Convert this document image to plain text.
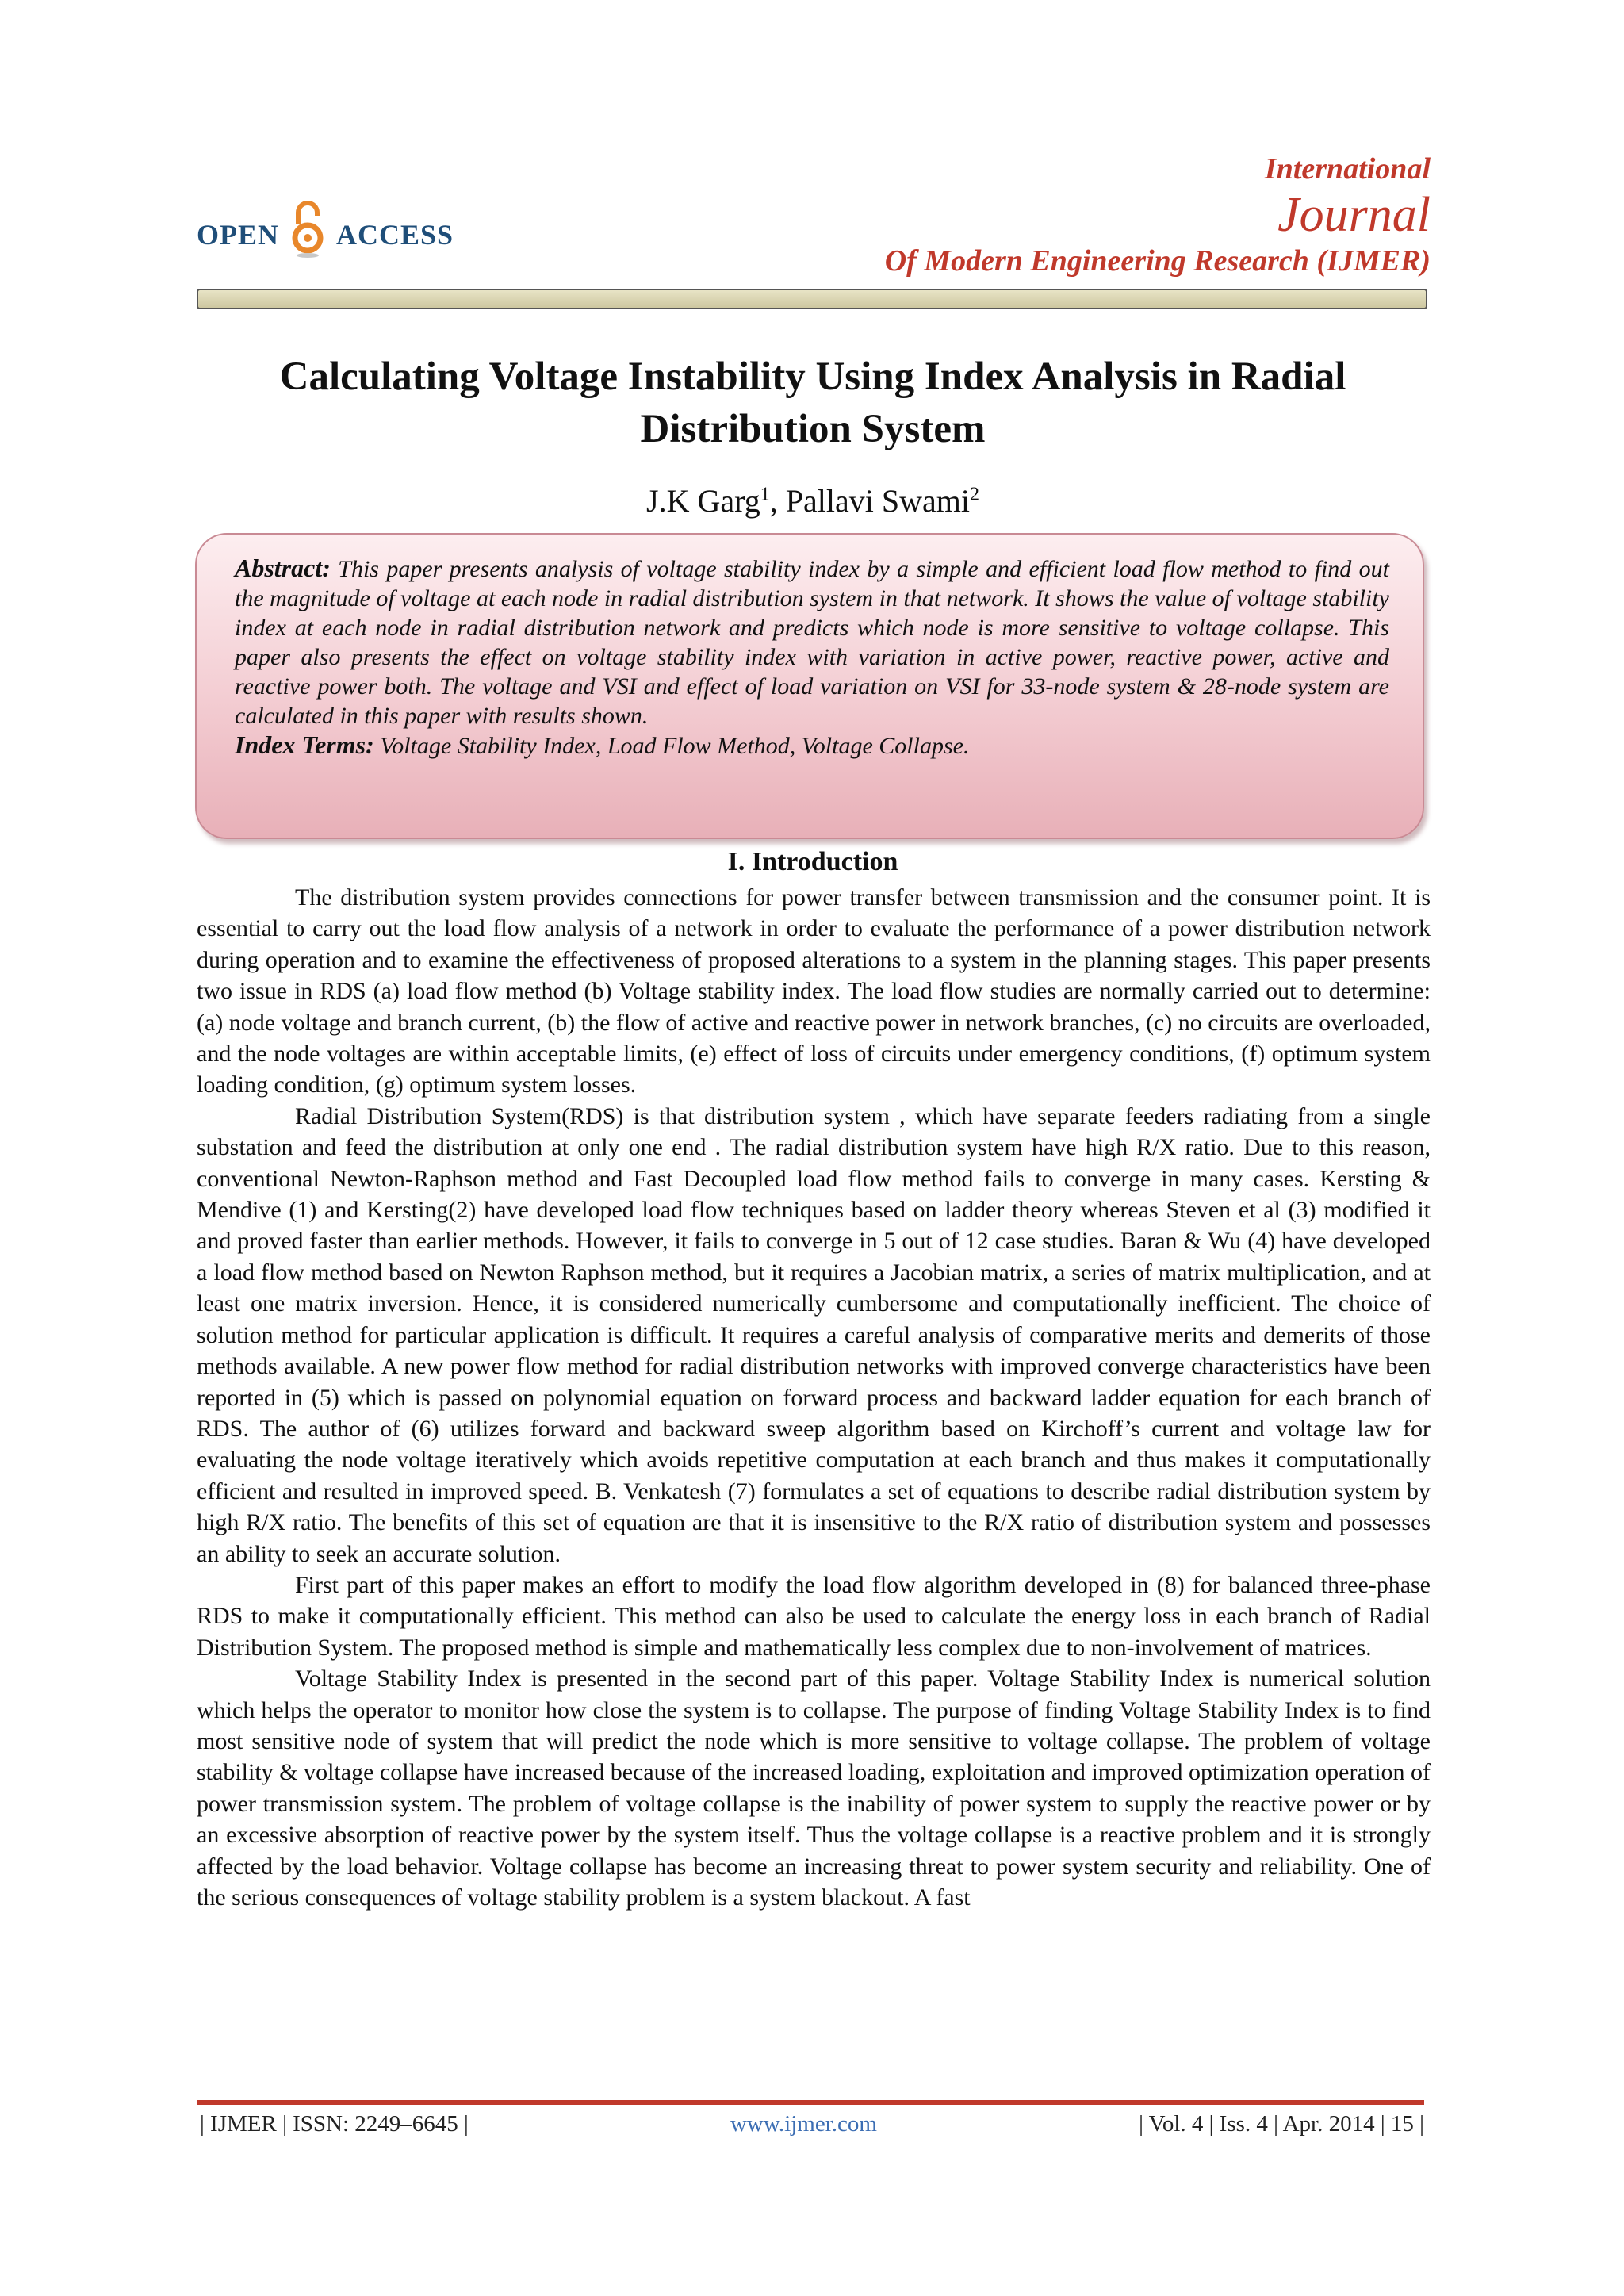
OPEN ACCESS
International
Journal
Of Modern Engineering Research (IJMER)
Calculating Voltage Instability Using Index Analysis in Radial Distribution System
J.K Garg$^1$, Pallavi Swami$^2$
Abstract: This paper presents analysis of voltage stability index by a simple and efficient load flow method to find out the magnitude of voltage at each node in radial distribution system in that network. It shows the value of voltage stability index at each node in radial distribution network and predicts which node is more sensitive to voltage collapse. This paper also presents the effect on voltage stability index with variation in active power, reactive power, active and reactive power both. The voltage and VSI and effect of load variation on VSI for 33-node system & 28-node system are calculated in this paper with results shown.
Index Terms: Voltage Stability Index, Load Flow Method, Voltage Collapse.
I. Introduction

The distribution system provides connections for power transfer between transmission and the consumer point. It is essential to carry out the load flow analysis of a network in order to evaluate the performance of a power distribution network during operation and to examine the effectiveness of proposed alterations to a system in the planning stages. This paper presents two issue in RDS (a) load flow method (b) Voltage stability index. The load flow studies are normally carried out to determine: (a) node voltage and branch current, (b) the flow of active and reactive power in network branches, (c) no circuits are overloaded, and the node voltages are within acceptable limits, (e) effect of loss of circuits under emergency conditions, (f) optimum system loading condition, (g) optimum system losses.

Radial Distribution System(RDS) is that distribution system , which have separate feeders radiating from a single substation and feed the distribution at only one end . The radial distribution system have high R/X ratio. Due to this reason, conventional Newton-Raphson method and Fast Decoupled load flow method fails to converge in many cases. Kersting & Mendive (1) and Kersting(2) have developed load flow techniques based on ladder theory whereas Steven et al (3) modified it and proved faster than earlier methods. However, it fails to converge in 5 out of 12 case studies. Baran & Wu (4) have developed a load flow method based on Newton Raphson method, but it requires a Jacobian matrix, a series of matrix multiplication, and at least one matrix inversion. Hence, it is considered numerically cumbersome and computationally inefficient. The choice of solution method for particular application is difficult. It requires a careful analysis of comparative merits and demerits of those methods available. A new power flow method for radial distribution networks with improved converge characteristics have been reported in (5) which is passed on polynomial equation on forward process and backward ladder equation for each branch of RDS. The author of (6) utilizes forward and backward sweep algorithm based on Kirchoff’s current and voltage law for evaluating the node voltage iteratively which avoids repetitive computation at each branch and thus makes it computationally efficient and resulted in improved speed. B. Venkatesh (7) formulates a set of equations to describe radial distribution system by high R/X ratio. The benefits of this set of equation are that it is insensitive to the R/X ratio of distribution system and possesses an ability to seek an accurate solution.

First part of this paper makes an effort to modify the load flow algorithm developed in (8) for balanced three-phase RDS to make it computationally efficient. This method can also be used to calculate the energy loss in each branch of Radial Distribution System. The proposed method is simple and mathematically less complex due to non-involvement of matrices.

Voltage Stability Index is presented in the second part of this paper. Voltage Stability Index is numerical solution which helps the operator to monitor how close the system is to collapse. The purpose of finding Voltage Stability Index is to find most sensitive node of system that will predict the node which is more sensitive to voltage collapse. The problem of voltage stability & voltage collapse have increased because of the increased loading, exploitation and improved optimization operation of power transmission system. The problem of voltage collapse is the inability of power system to supply the reactive power or by an excessive absorption of reactive power by the system itself. Thus the voltage collapse is a reactive problem and it is strongly affected by the load behavior. Voltage collapse has become an increasing threat to power system security and reliability. One of the serious consequences of voltage stability problem is a system blackout. A fast

| IJMER | ISSN: 2249–6645 |	www.ijmer.com	| Vol. 4 | Iss. 4 | Apr. 2014 | 15 |
